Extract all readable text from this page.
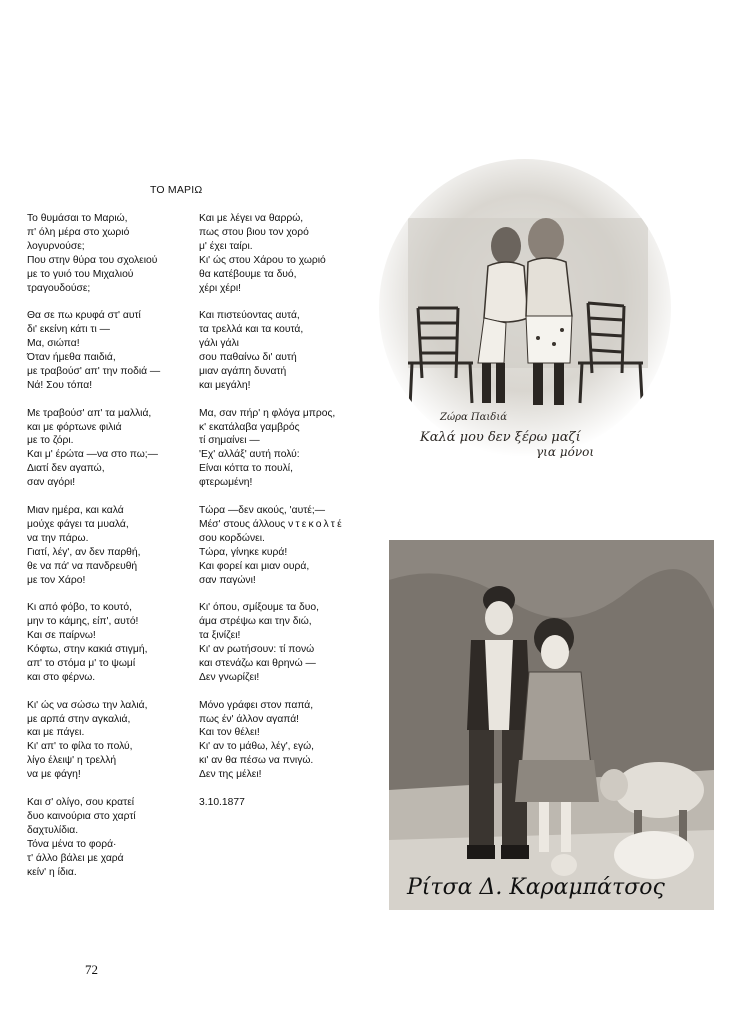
ΤΟ ΜΑΡΙΩ
Το θυμάσαι το Μαριώ,
π' όλη μέρα στο χωριό
λογυρνούσε;
Που στην θύρα του σχολειού
με το γυιό του Μιχαλιού
τραγουδούσε;
Θα σε πω κρυφά στ' αυτί
δι' εκείνη κάτι τι —
Μα, σιώπα!
Όταν ήμεθα παιδιά,
με τραβούσ' απ' την ποδιά —
Νά! Σου τόπα!
Με τραβούσ' απ' τα μαλλιά,
και με φόρτωνε φιλιά
με το ζόρι.
Και μ' έρώτα —να στο πω;—
Διατί δεν αγαπώ,
σαν αγόρι!
Μιαν ημέρα, και καλά
μούχε φάγει τα μυαλά,
να την πάρω.
Γιατί, λέγ', αν δεν παρθή,
θε να πά' να πανδρευθή
με τον Χάρο!
Κι από φόβο, το κουτό,
μην το κάμης, είπ', αυτό!
Και σε παίρνω!
Κόφτω, στην κακιά στιγμή,
απ' το στόμα μ' το ψωμί
και στο φέρνω.
Κι' ώς να σώσω την λαλιά,
με αρπά στην αγκαλιά,
και με πάγει.
Κι' απ' το φίλα το πολύ,
λίγο έλειψ' η τρελλή
να με φάγη!
Και σ' ολίγο, σου κρατεί
δυο καινούρια στο χαρτί
δαχτυλίδια.
Τόνα μένα το φορά·
τ' άλλο βάλει με χαρά
κείν' η ίδια.
Και με λέγει να θαρρώ,
πως στου βιου τον χορό
μ' έχει ταίρι.
Κι' ώς στου Χάρου το χωριό
θα κατέβουμε τα δυό,
χέρι χέρι!
Και πιστεύοντας αυτά,
τα τρελλά και τα κουτά,
γάλι γάλι
σου παθαίνω δι' αυτή
μιαν αγάπη δυνατή
και μεγάλη!
Μα, σαν πήρ' η φλόγα μπρος,
κ' εκατάλαβα γαμβρός
τί σημαίνει —
'Εχ' αλλάξ' αυτή πολύ:
Είναι κόττα το πουλί,
φτερωμένη!
Τώρα —δεν ακούς, 'αυτέ;—
Μέσ' στους άλλους ντεκολτέ
σου κορδώνει.
Τώρα, γίνηκε κυρά!
Και φορεί και μιαν ουρά,
σαν παγώνι!
Κι' όπου, σμίξουμε τα δυο,
άμα στρέψω και την διώ,
τα ξινίζει!
Κι' αν ρωτήσουν: τί πονώ
και στενάζω και θρηνώ —
Δεν γνωρίζει!
Μόνο γράφει στον παπά,
πως έν' άλλον αγαπά!
Και τον θέλει!
Κι' αν το μάθω, λέγ', εγώ,
κι' αν θα πέσω να πνιγώ.
Δεν της μέλει!
3.10.1877
Ζώρα Παιδιά
Καλά μου δεν ξέρω μαζί
για μόνοι
Ρίτσα Δ. Καραμπάτσος
72
